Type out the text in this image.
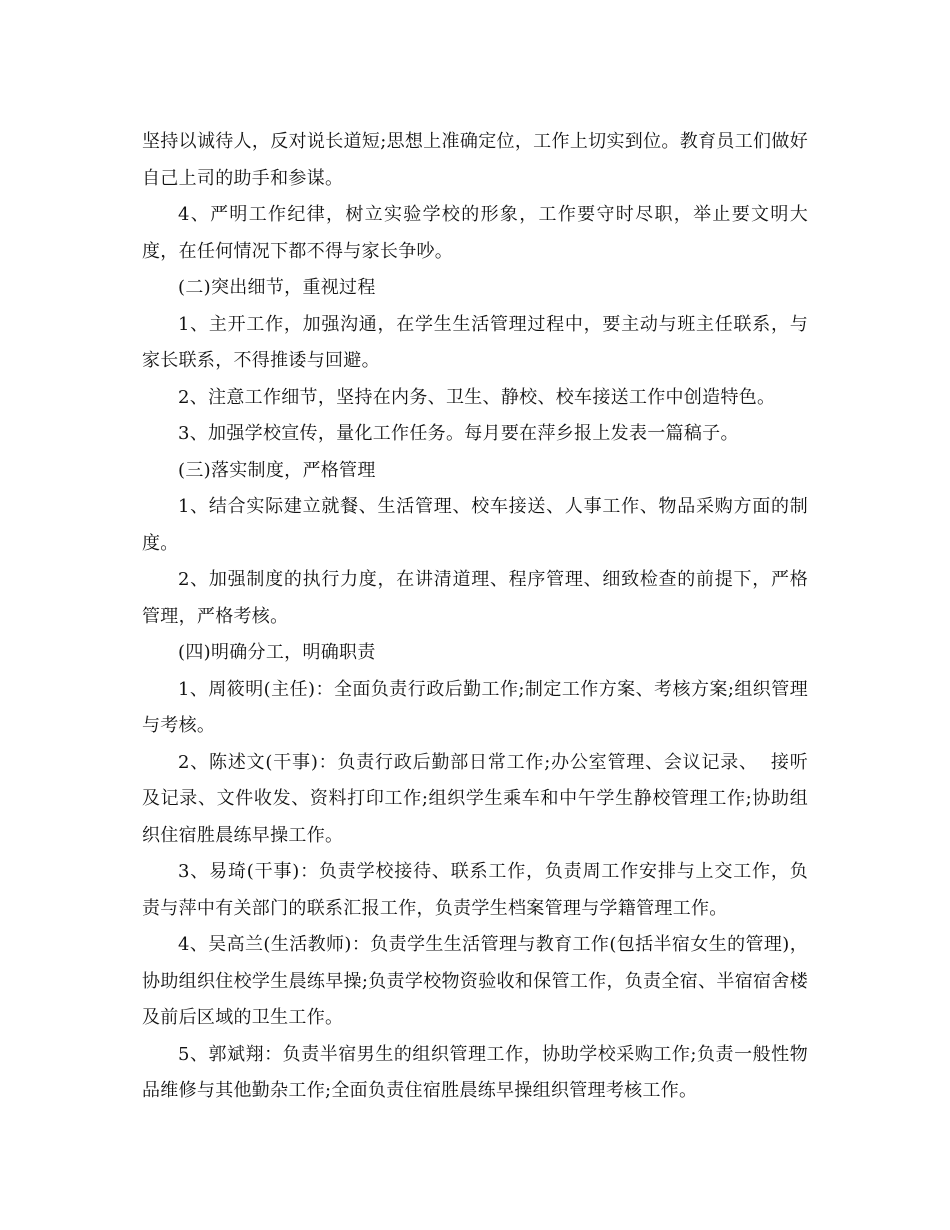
坚持以诚待人，反对说长道短;思想上准确定位，工作上切实到位。教育员工们做好自己上司的助手和参谋。

4、严明工作纪律，树立实验学校的形象，工作要守时尽职，举止要文明大度，在任何情况下都不得与家长争吵。

(二)突出细节，重视过程

1、主开工作，加强沟通，在学生生活管理过程中，要主动与班主任联系，与家长联系，不得推诿与回避。

2、注意工作细节，坚持在内务、卫生、静校、校车接送工作中创造特色。

3、加强学校宣传，量化工作任务。每月要在萍乡报上发表一篇稿子。

(三)落实制度，严格管理

1、结合实际建立就餐、生活管理、校车接送、人事工作、物品采购方面的制度。

2、加强制度的执行力度，在讲清道理、程序管理、细致检查的前提下，严格管理，严格考核。

(四)明确分工，明确职责

1、周筱明(主任)：全面负责行政后勤工作;制定工作方案、考核方案;组织管理与考核。

2、陈述文(干事)：负责行政后勤部日常工作;办公室管理、会议记录、  接听及记录、文件收发、资料打印工作;组织学生乘车和中午学生静校管理工作;协助组织住宿胜晨练早操工作。

3、易琦(干事)：负责学校接待、联系工作，负责周工作安排与上交工作，负责与萍中有关部门的联系汇报工作，负责学生档案管理与学籍管理工作。

4、吴高兰(生活教师)：负责学生生活管理与教育工作(包括半宿女生的管理)，协助组织住校学生晨练早操;负责学校物资验收和保管工作，负责全宿、半宿宿舍楼及前后区域的卫生工作。

5、郭斌翔：负责半宿男生的组织管理工作，协助学校采购工作;负责一般性物品维修与其他勤杂工作;全面负责住宿胜晨练早操组织管理考核工作。
